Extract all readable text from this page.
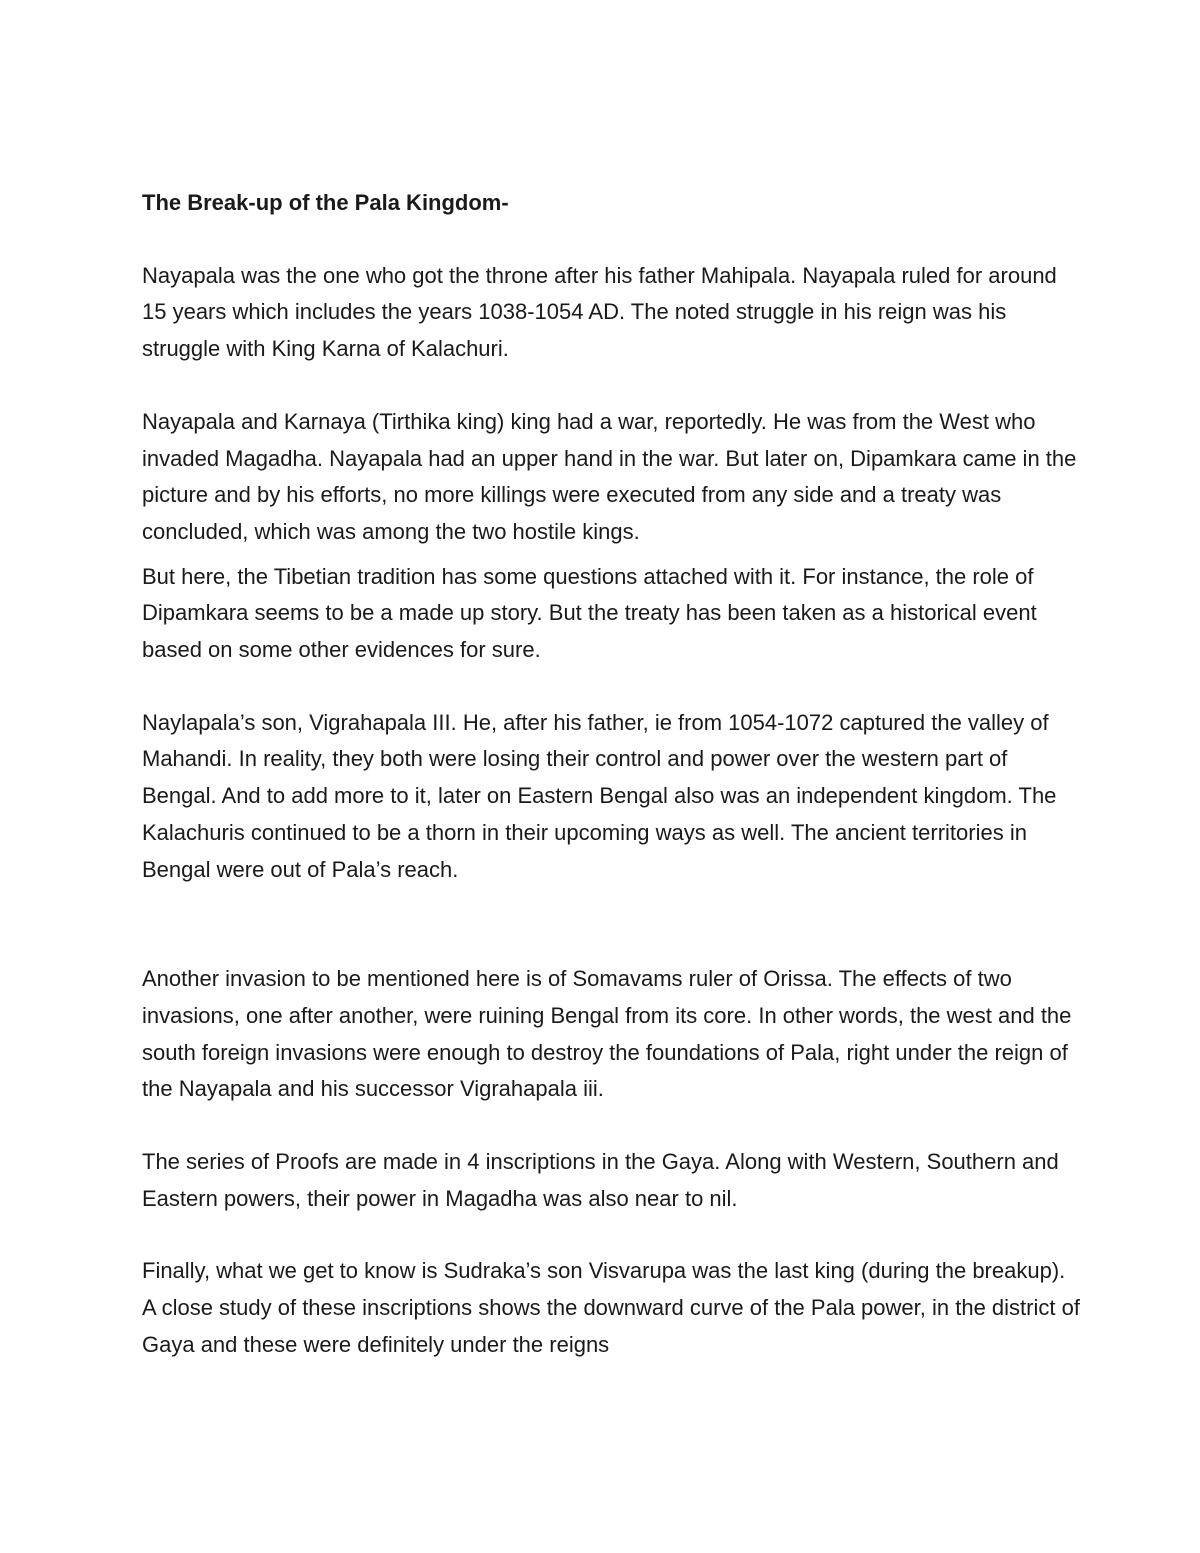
The Break-up of the Pala Kingdom-

Nayapala was the one who got the throne after his father Mahipala. Nayapala ruled for around 15 years which includes the years 1038-1054 AD. The noted struggle in his reign was his struggle with King Karna of Kalachuri.

Nayapala and Karnaya (Tirthika king) king had a war, reportedly. He was from the West who invaded Magadha. Nayapala had an upper hand in the war. But later on, Dipamkara came in the picture and by his efforts, no more killings were executed from any side and a treaty was concluded, which was among the two hostile kings.

But here, the Tibetian tradition has some questions attached with it. For instance, the role of Dipamkara seems to be a made up story. But the treaty has been taken as a historical event based on some other evidences for sure.

Naylapala’s son, Vigrahapala III. He, after his father, ie from 1054-1072 captured the valley of Mahandi. In reality, they both were losing their control and power over the western part of Bengal. And to add more to it, later on Eastern Bengal also was an independent kingdom. The Kalachuris continued to be a thorn in their upcoming ways as well. The ancient territories in Bengal were out of Pala’s reach.

Another invasion to be mentioned here is of Somavams ruler of Orissa. The effects of two invasions, one after another, were ruining Bengal from its core. In other words, the west and the south foreign invasions were enough to destroy the foundations of Pala, right under the reign of the Nayapala and his successor Vigrahapala iii.

The series of Proofs are made in 4 inscriptions in the Gaya. Along with Western, Southern and Eastern powers, their power in Magadha was also near to nil.

Finally, what we get to know is Sudraka’s son Visvarupa was the last king (during the breakup). A close study of these inscriptions shows the downward curve of the Pala power, in the district of Gaya and these were definitely under the reigns
